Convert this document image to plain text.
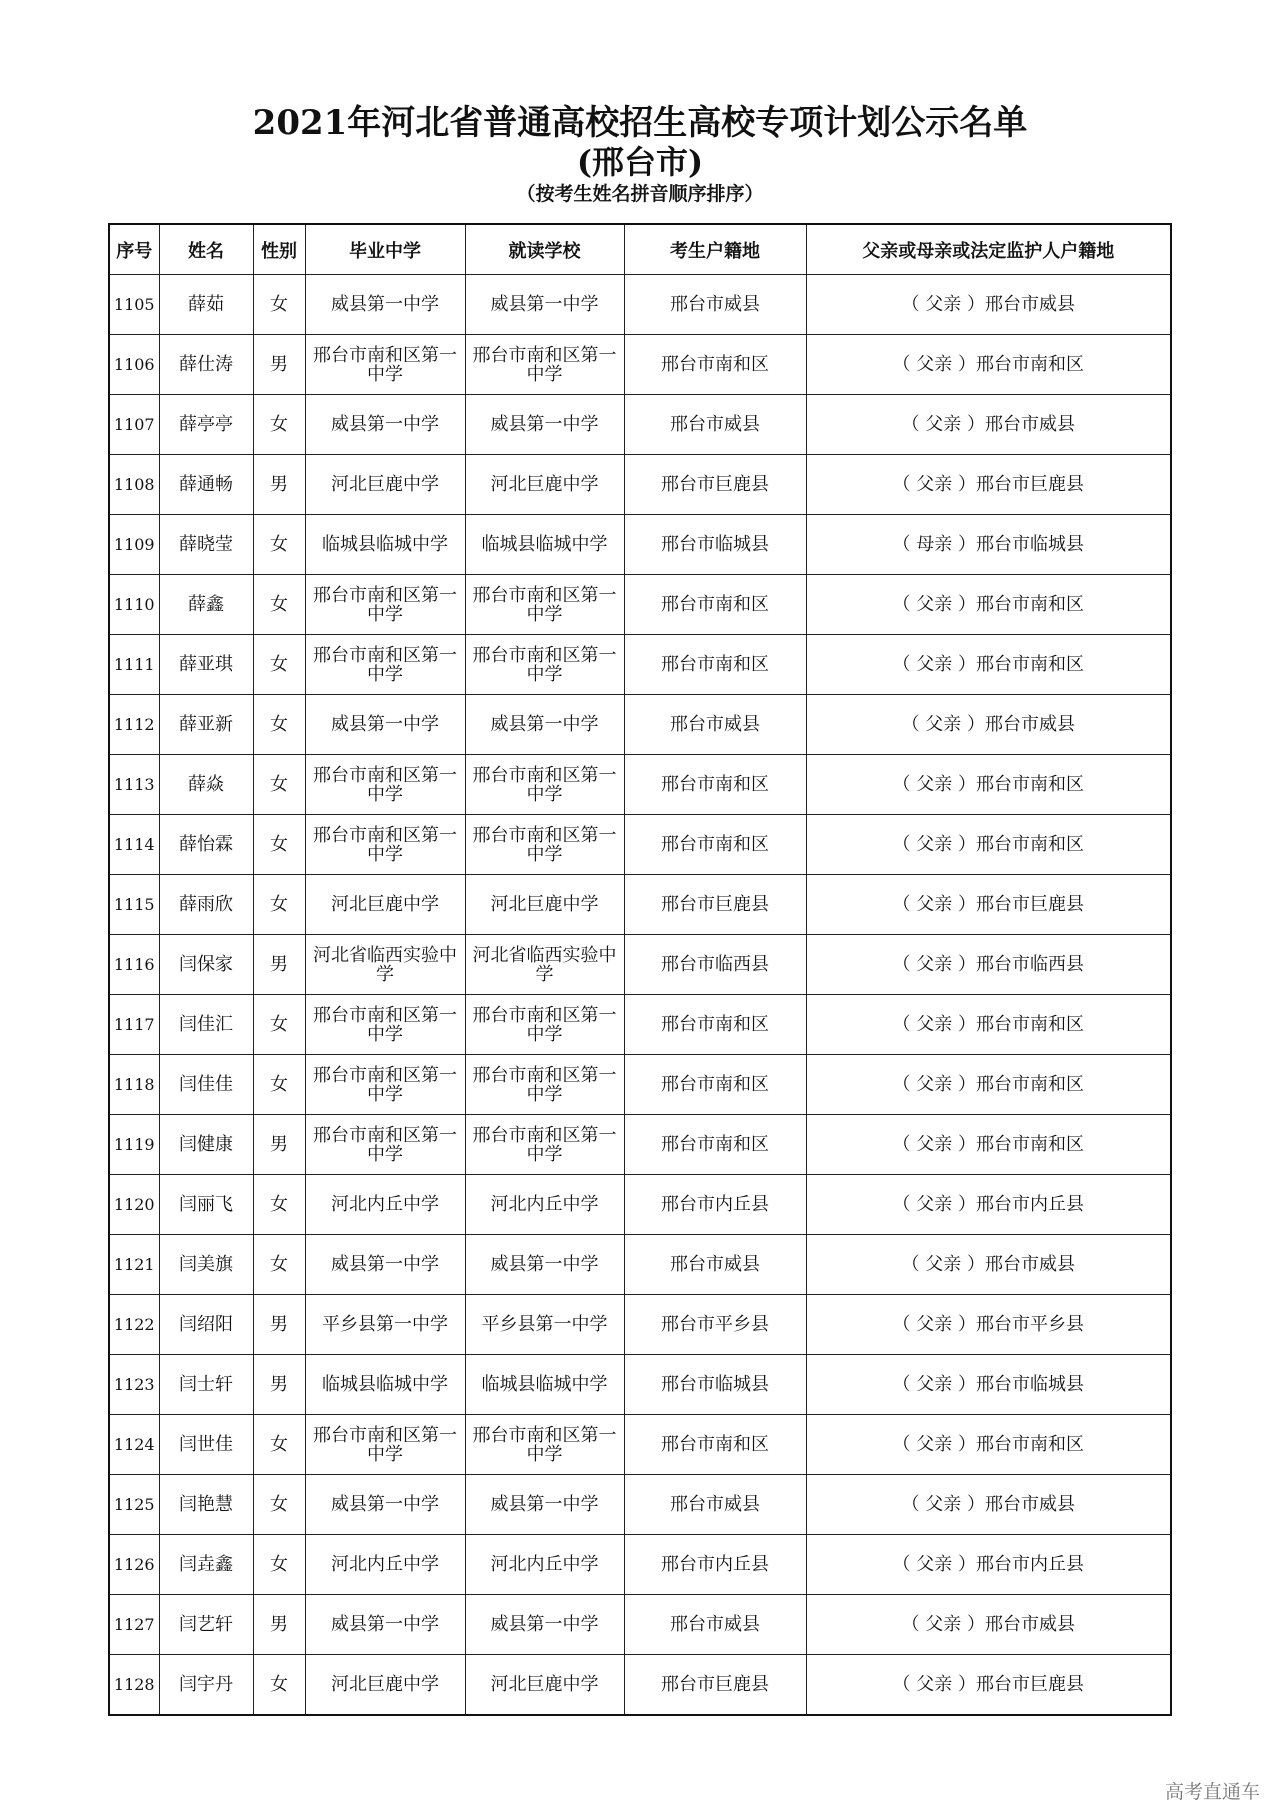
2021年河北省普通高校招生高校专项计划公示名单
(邢台市)
（按考生姓名拼音顺序排序）
序号	姓名	性别	毕业中学	就读学校	考生户籍地	父亲或母亲或法定监护人户籍地
1105	薛茹	女	威县第一中学	威县第一中学	邢台市威县	（ 父亲 ）邢台市威县
1106	薛仕涛	男	邢台市南和区第一中学	邢台市南和区第一中学	邢台市南和区	（ 父亲 ）邢台市南和区
1107	薛亭亭	女	威县第一中学	威县第一中学	邢台市威县	（ 父亲 ）邢台市威县
1108	薛通畅	男	河北巨鹿中学	河北巨鹿中学	邢台市巨鹿县	（ 父亲 ）邢台市巨鹿县
1109	薛晓莹	女	临城县临城中学	临城县临城中学	邢台市临城县	（ 母亲 ）邢台市临城县
1110	薛鑫	女	邢台市南和区第一中学	邢台市南和区第一中学	邢台市南和区	（ 父亲 ）邢台市南和区
1111	薛亚琪	女	邢台市南和区第一中学	邢台市南和区第一中学	邢台市南和区	（ 父亲 ）邢台市南和区
1112	薛亚新	女	威县第一中学	威县第一中学	邢台市威县	（ 父亲 ）邢台市威县
1113	薛焱	女	邢台市南和区第一中学	邢台市南和区第一中学	邢台市南和区	（ 父亲 ）邢台市南和区
1114	薛怡霖	女	邢台市南和区第一中学	邢台市南和区第一中学	邢台市南和区	（ 父亲 ）邢台市南和区
1115	薛雨欣	女	河北巨鹿中学	河北巨鹿中学	邢台市巨鹿县	（ 父亲 ）邢台市巨鹿县
1116	闫保家	男	河北省临西实验中学	河北省临西实验中学	邢台市临西县	（ 父亲 ）邢台市临西县
1117	闫佳汇	女	邢台市南和区第一中学	邢台市南和区第一中学	邢台市南和区	（ 父亲 ）邢台市南和区
1118	闫佳佳	女	邢台市南和区第一中学	邢台市南和区第一中学	邢台市南和区	（ 父亲 ）邢台市南和区
1119	闫健康	男	邢台市南和区第一中学	邢台市南和区第一中学	邢台市南和区	（ 父亲 ）邢台市南和区
1120	闫丽飞	女	河北内丘中学	河北内丘中学	邢台市内丘县	（ 父亲 ）邢台市内丘县
1121	闫美旗	女	威县第一中学	威县第一中学	邢台市威县	（ 父亲 ）邢台市威县
1122	闫绍阳	男	平乡县第一中学	平乡县第一中学	邢台市平乡县	（ 父亲 ）邢台市平乡县
1123	闫士轩	男	临城县临城中学	临城县临城中学	邢台市临城县	（ 父亲 ）邢台市临城县
1124	闫世佳	女	邢台市南和区第一中学	邢台市南和区第一中学	邢台市南和区	（ 父亲 ）邢台市南和区
1125	闫艳慧	女	威县第一中学	威县第一中学	邢台市威县	（ 父亲 ）邢台市威县
1126	闫垚鑫	女	河北内丘中学	河北内丘中学	邢台市内丘县	（ 父亲 ）邢台市内丘县
1127	闫艺轩	男	威县第一中学	威县第一中学	邢台市威县	（ 父亲 ）邢台市威县
1128	闫宇丹	女	河北巨鹿中学	河北巨鹿中学	邢台市巨鹿县	（ 父亲 ）邢台市巨鹿县
高考直通车
